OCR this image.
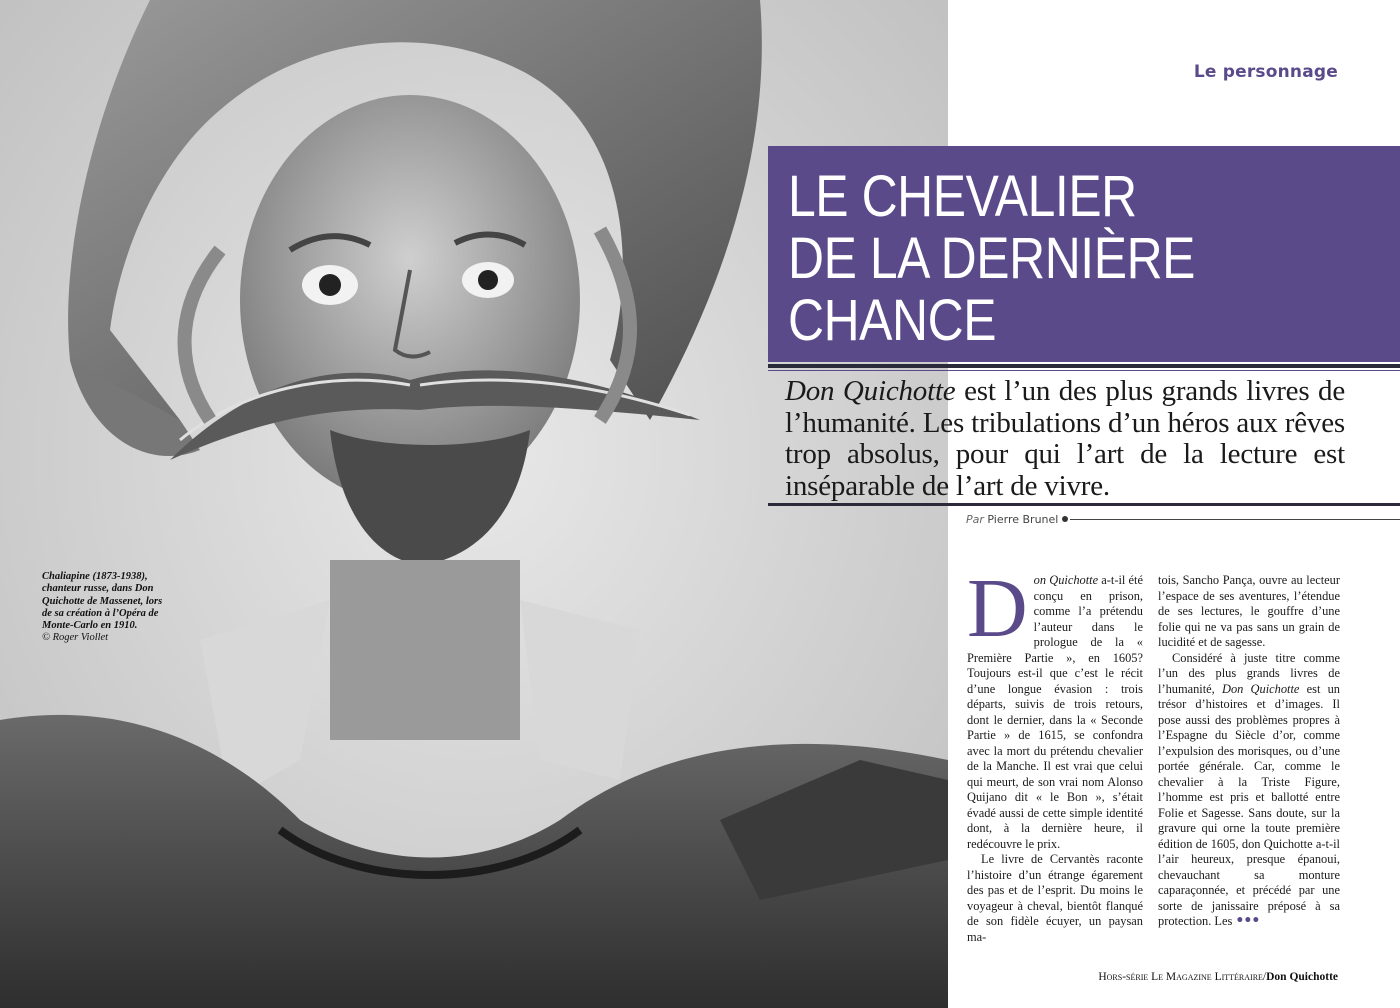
Chaliapine (1873-1938), chanteur russe, dans Don Quichotte de Massenet, lors de sa création à l’Opéra de Monte-Carlo en 1910.
© Roger Viollet
Le personnage
LE CHEVALIER
DE LA DERNIÈRE
CHANCE

Don Quichotte est l’un des plus grands livres de l’humanité. Les tribulations d’un héros aux rêves trop absolus, pour qui l’art de la lecture est inséparable de l’art de vivre.

Par Pierre Brunel

Don Quichotte a-t-il été conçu en prison, comme l’a prétendu l’auteur dans le prologue de la « Première Partie », en 1605? Toujours est-il que c’est le récit d’une longue évasion : trois départs, suivis de trois retours, dont le dernier, dans la « Seconde Partie » de 1615, se confondra avec la mort du prétendu chevalier de la Manche. Il est vrai que celui qui meurt, de son vrai nom Alonso Quijano dit « le Bon », s’était évadé aussi de cette simple identité dont, à la dernière heure, il redécouvre le prix.

Le livre de Cervantès raconte l’histoire d’un étrange égarement des pas et de l’esprit. Du moins le voyageur à cheval, bientôt flanqué de son fidèle écuyer, un paysan ma-

tois, Sancho Pança, ouvre au lecteur l’espace de ses aventures, l’étendue de ses lectures, le gouffre d’une folie qui ne va pas sans un grain de lucidité et de sagesse.

Considéré à juste titre comme l’un des plus grands livres de l’humanité, Don Quichotte est un trésor d’histoires et d’images. Il pose aussi des problèmes propres à l’Espagne du Siècle d’or, comme l’expulsion des morisques, ou d’une portée générale. Car, comme le chevalier à la Triste Figure, l’homme est pris et ballotté entre Folie et Sagesse. Sans doute, sur la gravure qui orne la toute première édition de 1605, don Quichotte a-t-il l’air heureux, presque épanoui, chevauchant sa monture caparaçonnée, et précédé par une sorte de janissaire préposé à sa protection. Les •••

Hors-série Le Magazine Littéraire/Don Quichotte
